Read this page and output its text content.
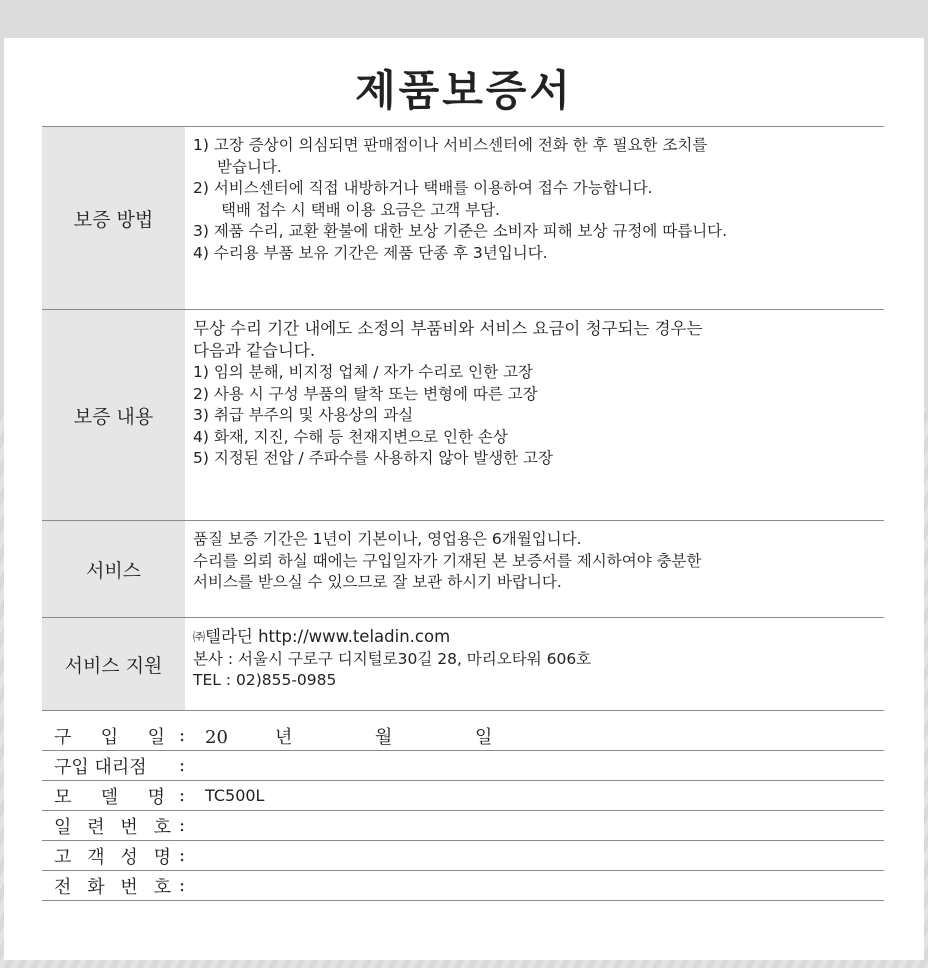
제품보증서
보증 방법
1) 고장 증상이 의심되면 판매점이나 서비스센터에 전화 한 후 필요한 조치를
받습니다.
2) 서비스센터에 직접 내방하거나 택배를 이용하여 접수 가능합니다.
택배 접수 시 택배 이용 요금은 고객 부담.
3) 제품 수리, 교환 환불에 대한 보상 기준은 소비자 피해 보상 규정에 따릅니다.
4) 수리용 부품 보유 기간은 제품 단종 후 3년입니다.
보증 내용
무상 수리 기간 내에도 소정의 부품비와 서비스 요금이 청구되는 경우는
다음과 같습니다.
1) 임의 분해, 비지정 업체 / 자가 수리로 인한 고장
2) 사용 시 구성 부품의 탈착 또는 변형에 따른 고장
3) 취급 부주의 및 사용상의 과실
4) 화재, 지진, 수해 등 천재지변으로 인한 손상
5) 지정된 전압 / 주파수를 사용하지 않아 발생한 고장
서비스
품질 보증 기간은 1년이 기본이나, 영업용은 6개월입니다.
수리를 의뢰 하실 때에는 구입일자가 기재된 본 보증서를 제시하여야 충분한
서비스를 받으실 수 있으므로 잘 보관 하시기 바랍니다.
서비스 지원
㈜텔라딘 http://www.teladin.com
본사 : 서울시 구로구 디지털로30길 28, 마리오타워 606호
TEL : 02)855-0985
구 입 일 :	20	년	월	일
구입 대리점 :
모 델 명 :	TC500L
일 련 번 호 :
고 객 성 명 :
전 화 번 호 :
